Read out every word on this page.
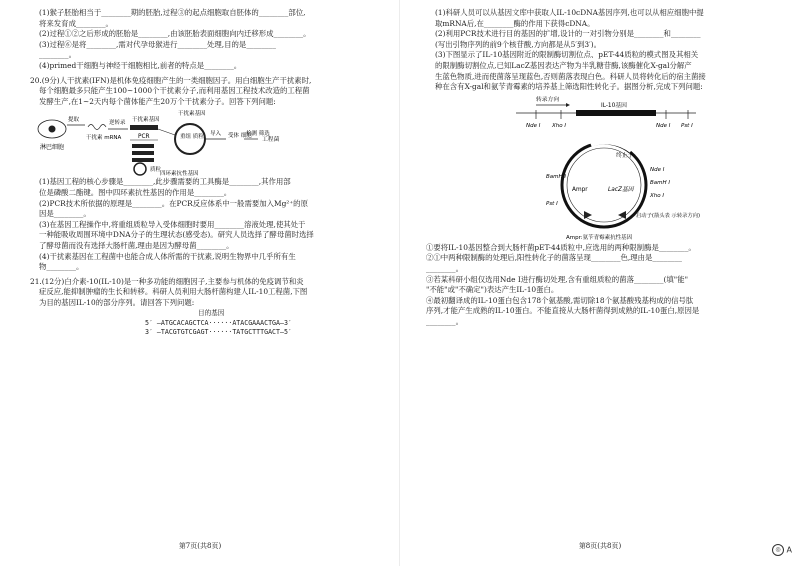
(1)猴子胚胎相当于________期的胚胎,过程③的起点细胞取自胚体的________部位,
将来发育成________。
(2)过程①②之后形成的胚胎是________,由该胚胎表面细胞向内迁移形成________。
(3)过程⑥是将________,需对代孕母猴进行________处理,目的是________
________。
(4)primed干细胞与神经干细胞相比,前者的特点是________。
20.(9分)人干扰素(IFN)是机体免疫细胞产生的一类细胞因子。用白细胞生产干扰素时,
每个细胞最多只能产生100~1000个干扰素分子,而利用基因工程技术改造的工程菌
发酵生产,在1~2天内每个菌体能产生20万个干扰素分子。回答下列问题:
淋巴细胞
提取
干扰素 mRNA
逆转录 干扰素基因
PCR
质粒
干扰素基因
重组 质粒 导入 受体 细胞
检测 筛选
工程菌
四环素抗性基因
(1)基因工程的核心步骤是________,此步骤需要的工具酶是________,其作用部
位是磷酸二酯键。图中四环素抗性基因的作用是________。
(2)PCR技术所依据的原理是________。在PCR反应体系中一般需要加入Mg²⁺的原
因是________。
(3)在基因工程操作中,将重组质粒导入受体细胞时要用________溶液处理,使其处于
一种能吸收周围环境中DNA分子的生理状态(感受态)。研究人员选择了酵母菌时选择
了酵母菌而没有选择大肠杆菌,理由是因为酵母菌________。
(4)干扰素基因在工程菌中也能合成人体所需的干扰素,说明生物界中几乎所有生
物________。
21.(12分)白介素-10(IL-10)是一种多功能的细胞因子,主要参与机体的免疫调节和炎
症反应,能抑制肿瘤的生长和转移。科研人员利用大肠杆菌构建人IL-10工程菌,下图
为目的基因IL-10的部分序列。请回答下列问题:
目的基因
5′ —ATGCACAGCTCA······ATACGAAACTGA—3′
3′ —TACGTGTCGAGT······TATGCTTTGACT—5′
第7页(共8页)
(1)科研人员可以从基因文库中获取人IL-10cDNA基因序列,也可以从相应细胞中提
取mRNA后,在________酶的作用下获得cDNA。
(2)利用PCR技术进行目的基因的扩增,设计的一对引物分别是________和________
(写出引物序列的前9个核苷酸,方向都是从5′到3′)。
(3)下图显示了IL-10基因附近的限制酶切割位点、pET-44质粒的模式图及其相关
的限制酶切割位点,已知LacZ基因表达产物为半乳糖苷酶,该酶催化X-gal分解产
生蓝色物质,进而使菌落呈现蓝色,否则菌落表现白色。科研人员将转化后的宿主菌接
种在含有X-gal和氨苄青霉素的培养基上筛选阳性转化子。据图分析,完成下列问题:
转录方向
IL-10基因
Nde I Xho I	Nde I Pst I
终止子
Ampr	LacZ基因
BamH I
Pst I
Nde I
BamH I
Xho I
启动子(箭头表 示转录方向)
Ampr:氨苄青霉素抗性基因
①要将IL-10基因整合到大肠杆菌pET-44质粒中,应选用的两种限制酶是________。
②①中两种限制酶的处理后,阳性转化子的菌落呈现________色,理由是________
________。
③若某科研小组仅选用Nde I进行酶切处理,含有重组质粒的菌落________(填"能"
"不能"或"不确定")表达产生IL-10蛋白。
④最初翻译成的IL-10蛋白包含178个氨基酸,需切除18个氨基酸残基构成的信号肽
序列,才能产生成熟的IL-10蛋白。不能直接从大肠杆菌得到成熟的IL-10蛋白,原因是
________。
第8页(共8页)	◎ A
